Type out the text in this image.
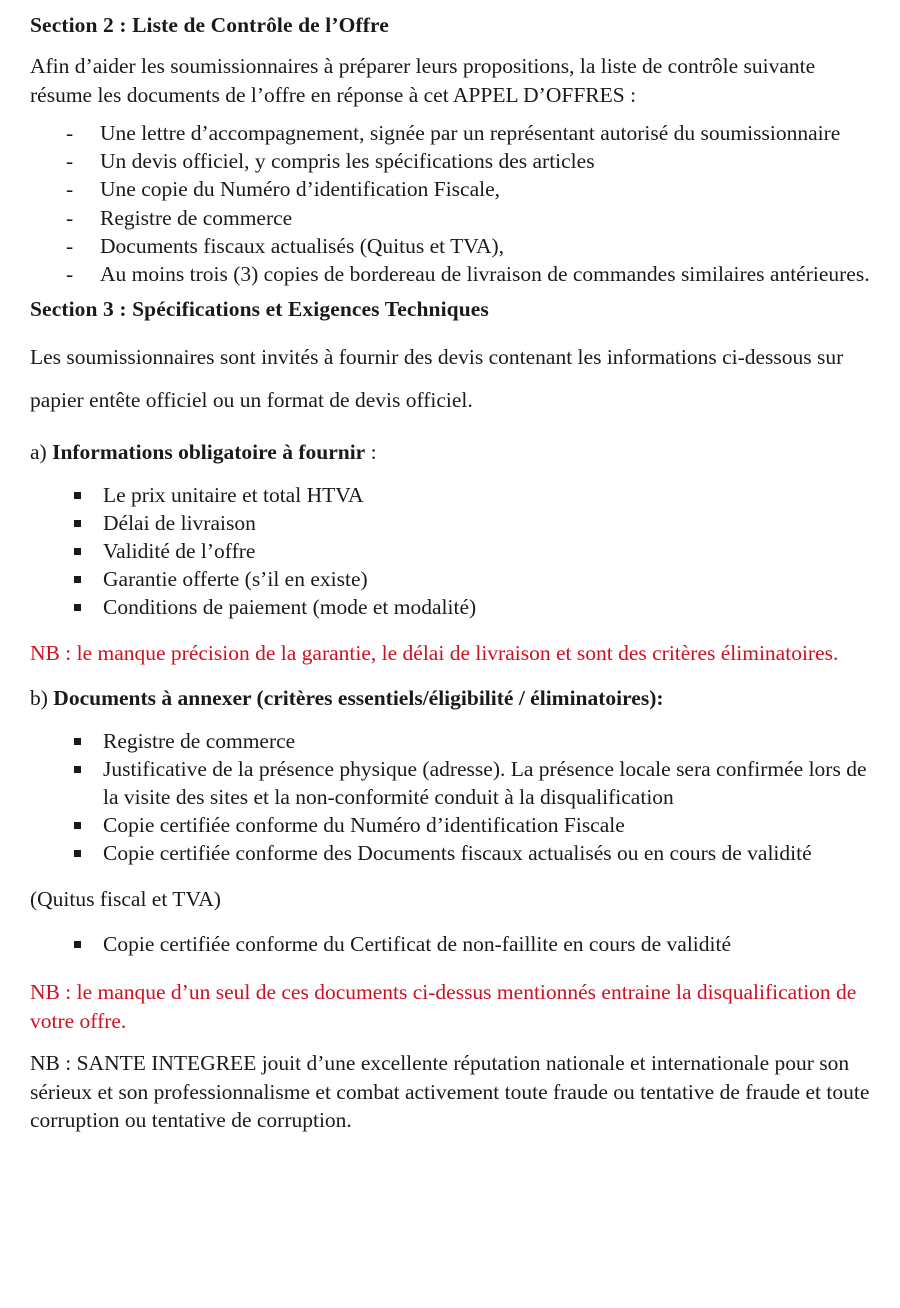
Section 2 : Liste de Contrôle de l’Offre

Afin d’aider les soumissionnaires à préparer leurs propositions, la liste de contrôle suivante résume les documents de l’offre en réponse à cet APPEL D’OFFRES :

- Une lettre d’accompagnement, signée par un représentant autorisé du soumissionnaire
- Un devis officiel, y compris les spécifications des articles
- Une copie du Numéro d’identification Fiscale,
- Registre de commerce
- Documents fiscaux actualisés (Quitus et TVA),
- Au moins trois (3) copies de bordereau de livraison de commandes similaires antérieures.
Section 3 : Spécifications et Exigences Techniques

Les soumissionnaires sont invités à fournir des devis contenant les informations ci-dessous sur papier entête officiel ou un format de devis officiel.

a) Informations obligatoire à fournir :

Le prix unitaire et total HTVA
Délai de livraison
Validité de l’offre
Garantie offerte (s’il en existe)
Conditions de paiement (mode et modalité)

NB : le manque précision de la garantie, le délai de livraison et sont des critères éliminatoires.

b) Documents à annexer (critères essentiels/éligibilité / éliminatoires):

Registre de commerce
Justificative de la présence physique (adresse). La présence locale sera confirmée lors de la visite des sites et la non-conformité conduit à la disqualification
Copie certifiée conforme du Numéro d’identification Fiscale
Copie certifiée conforme des Documents fiscaux actualisés ou en cours de validité

(Quitus fiscal et TVA)

Copie certifiée conforme du Certificat de non-faillite en cours de validité

NB : le manque d’un seul de ces documents ci-dessus mentionnés entraine la disqualification de votre offre.

NB : SANTE INTEGREE jouit d’une excellente réputation nationale et internationale pour son sérieux et son professionnalisme et combat activement toute fraude ou tentative de fraude et toute corruption ou tentative de corruption.
